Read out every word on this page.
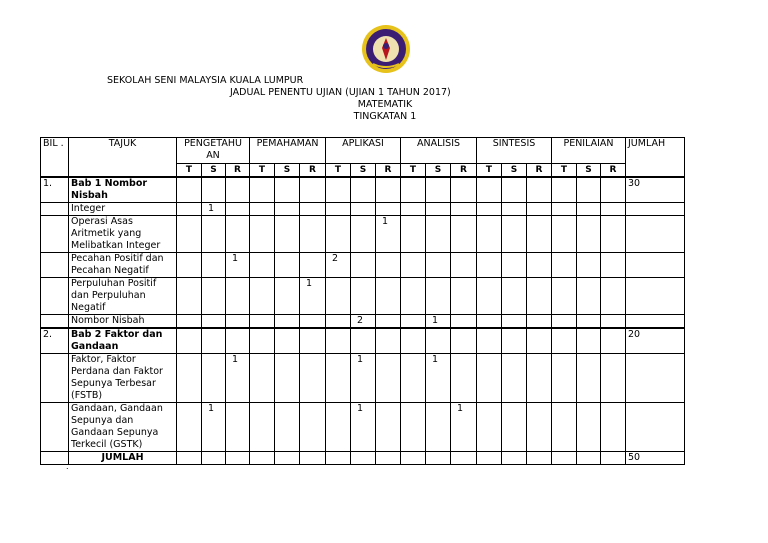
SEKOLAH SENI MALAYSIA KUALA LUMPUR
JADUAL PENENTU UJIAN (UJIAN 1 TAHUN 2017)
MATEMATIK
TINGKATAN 1
BIL .	TAJUK	PENGETAHU AN			PEMAHAMAN			APLIKASI			ANALISIS			SINTESIS			PENILAIAN			JUMLAH
		T	S	R	T	S	R	T	S	R	T	S	R	T	S	R	T	S	R	
1.	Bab 1 Nombor Nisbah																			30
	Integer		1																	
	Operasi Asas Aritmetik yang Melibatkan Integer									1										
	Pecahan Positif dan Pecahan Negatif			1				2												
	Perpuluhan Positif dan Perpuluhan Negatif						1													
	Nombor Nisbah								2			1								
2.	Bab 2 Faktor dan Gandaan																			20
	Faktor, Faktor Perdana dan Faktor Sepunya Terbesar (FSTB)			1					1			1								
	Gandaan, Gandaan Sepunya dan Gandaan Sepunya Terkecil (GSTK)		1						1				1							
	JUMLAH																			50
.
